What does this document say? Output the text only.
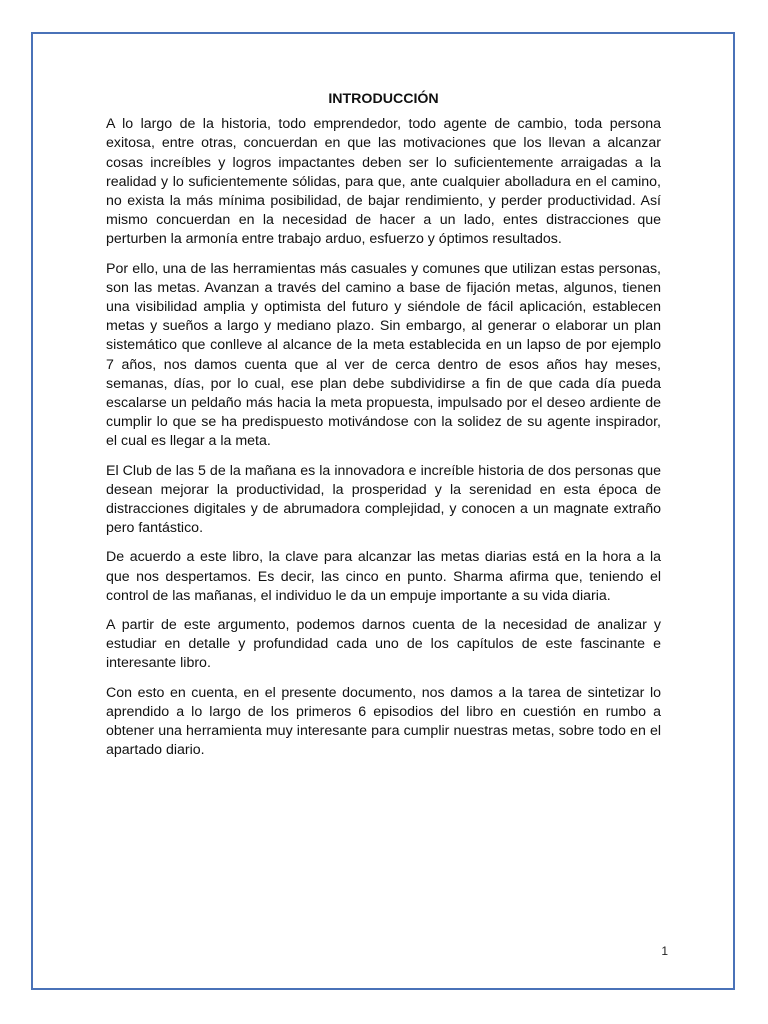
INTRODUCCIÓN

A lo largo de la historia, todo emprendedor, todo agente de cambio, toda persona exitosa, entre otras, concuerdan en que las motivaciones que los llevan a alcanzar cosas increíbles y logros impactantes deben ser lo suficientemente arraigadas a la realidad y lo suficientemente sólidas, para que, ante cualquier abolladura en el camino, no exista la más mínima posibilidad, de bajar rendimiento, y perder productividad. Así mismo concuerdan en la necesidad de hacer a un lado, entes distracciones que perturben la armonía entre trabajo arduo, esfuerzo y óptimos resultados.

Por ello, una de las herramientas más casuales y comunes que utilizan estas personas, son las metas. Avanzan a través del camino a base de fijación metas, algunos, tienen una visibilidad amplia y optimista del futuro y siéndole de fácil aplicación, establecen metas y sueños a largo y mediano plazo. Sin embargo, al generar o elaborar un plan sistemático que conlleve al alcance de la meta establecida en un lapso de por ejemplo 7 años, nos damos cuenta que al ver de cerca dentro de esos años hay meses, semanas, días, por lo cual, ese plan debe subdividirse a fin de que cada día pueda escalarse un peldaño más hacia la meta propuesta, impulsado por el deseo ardiente de cumplir lo que se ha predispuesto motivándose con la solidez de su agente inspirador, el cual es llegar a la meta.

El Club de las 5 de la mañana es la innovadora e increíble historia de dos personas que desean mejorar la productividad, la prosperidad y la serenidad en esta época de distracciones digitales y de abrumadora complejidad, y conocen a un magnate extraño pero fantástico.

De acuerdo a este libro, la clave para alcanzar las metas diarias está en la hora a la que nos despertamos. Es decir, las cinco en punto. Sharma afirma que, teniendo el control de las mañanas, el individuo le da un empuje importante a su vida diaria.

A partir de este argumento, podemos darnos cuenta de la necesidad de analizar y estudiar en detalle y profundidad cada uno de los capítulos de este fascinante e interesante libro.

Con esto en cuenta, en el presente documento, nos damos a la tarea de sintetizar lo aprendido a lo largo de los primeros 6 episodios del libro en cuestión en rumbo a obtener una herramienta muy interesante para cumplir nuestras metas, sobre todo en el apartado diario.

1
